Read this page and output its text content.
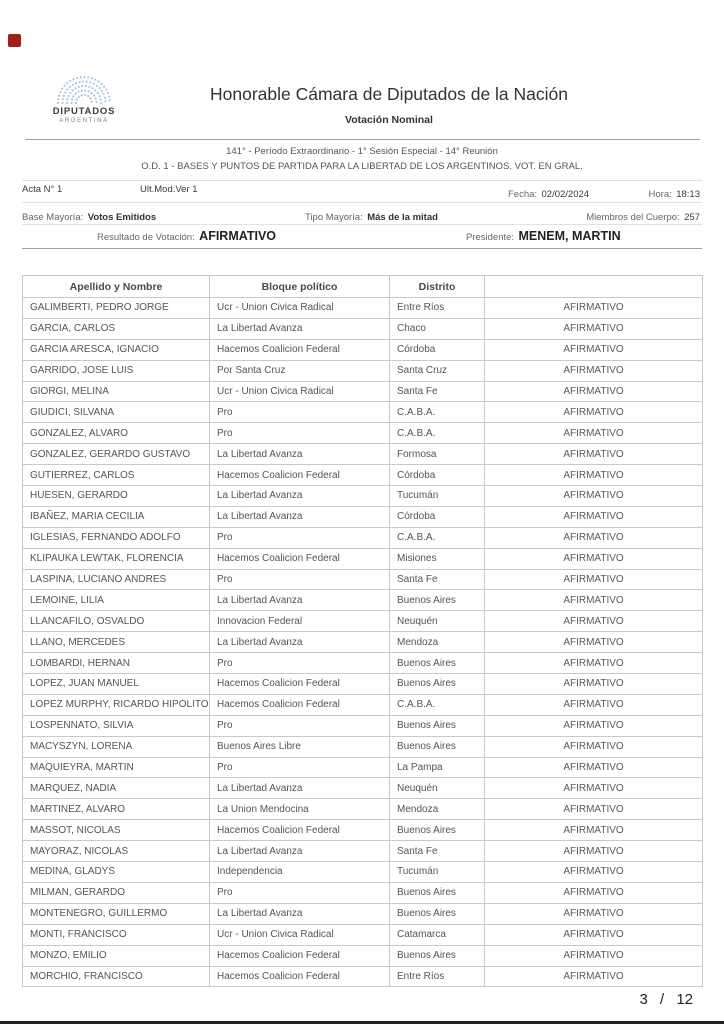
DIPUTADOS
ARGENTINA
Honorable Cámara de Diputados de la Nación
Votación Nominal
141° - Período Extraordinario - 1° Sesión Especial - 14° Reunión
O.D. 1 - BASES Y PUNTOS DE PARTIDA PARA LA LIBERTAD DE LOS ARGENTINOS. VOT. EN GRAL.
Acta N° 1	Ult.Mod.Ver 1	Fecha: 02/02/2024	Hora: 18:13
Base Mayoría: Votos Emitidos	Tipo Mayoría: Más de la mitad	Miembros del Cuerpo: 257
Resultado de Votación: AFIRMATIVO	Presidente: MENEM, MARTIN
Apellido y Nombre	Bloque político	Distrito	
GALIMBERTI, PEDRO JORGE	Ucr - Union Civica Radical	Entre Ríos	AFIRMATIVO
GARCIA, CARLOS	La Libertad Avanza	Chaco	AFIRMATIVO
GARCIA ARESCA, IGNACIO	Hacemos Coalicion Federal	Córdoba	AFIRMATIVO
GARRIDO, JOSE LUIS	Por Santa Cruz	Santa Cruz	AFIRMATIVO
GIORGI, MELINA	Ucr - Union Civica Radical	Santa Fe	AFIRMATIVO
GIUDICI, SILVANA	Pro	C.A.B.A.	AFIRMATIVO
GONZALEZ, ALVARO	Pro	C.A.B.A.	AFIRMATIVO
GONZALEZ, GERARDO GUSTAVO	La Libertad Avanza	Formosa	AFIRMATIVO
GUTIERREZ, CARLOS	Hacemos Coalicion Federal	Córdoba	AFIRMATIVO
HUESEN, GERARDO	La Libertad Avanza	Tucumán	AFIRMATIVO
IBAÑEZ, MARIA CECILIA	La Libertad Avanza	Córdoba	AFIRMATIVO
IGLESIAS, FERNANDO ADOLFO	Pro	C.A.B.A.	AFIRMATIVO
KLIPAUKA LEWTAK, FLORENCIA	Hacemos Coalicion Federal	Misiones	AFIRMATIVO
LASPINA, LUCIANO ANDRES	Pro	Santa Fe	AFIRMATIVO
LEMOINE, LILIA	La Libertad Avanza	Buenos Aires	AFIRMATIVO
LLANCAFILO, OSVALDO	Innovacion Federal	Neuquén	AFIRMATIVO
LLANO, MERCEDES	La Libertad Avanza	Mendoza	AFIRMATIVO
LOMBARDI, HERNAN	Pro	Buenos Aires	AFIRMATIVO
LOPEZ, JUAN MANUEL	Hacemos Coalicion Federal	Buenos Aires	AFIRMATIVO
LOPEZ MURPHY, RICARDO HIPOLITO	Hacemos Coalicion Federal	C.A.B.A.	AFIRMATIVO
LOSPENNATO, SILVIA	Pro	Buenos Aires	AFIRMATIVO
MACYSZYN, LORENA	Buenos Aires Libre	Buenos Aires	AFIRMATIVO
MAQUIEYRA, MARTIN	Pro	La Pampa	AFIRMATIVO
MARQUEZ, NADIA	La Libertad Avanza	Neuquén	AFIRMATIVO
MARTINEZ, ALVARO	La Union Mendocina	Mendoza	AFIRMATIVO
MASSOT, NICOLAS	Hacemos Coalicion Federal	Buenos Aires	AFIRMATIVO
MAYORAZ, NICOLAS	La Libertad Avanza	Santa Fe	AFIRMATIVO
MEDINA, GLADYS	Independencia	Tucumán	AFIRMATIVO
MILMAN, GERARDO	Pro	Buenos Aires	AFIRMATIVO
MONTENEGRO, GUILLERMO	La Libertad Avanza	Buenos Aires	AFIRMATIVO
MONTI, FRANCISCO	Ucr - Union Civica Radical	Catamarca	AFIRMATIVO
MONZO, EMILIO	Hacemos Coalicion Federal	Buenos Aires	AFIRMATIVO
MORCHIO, FRANCISCO	Hacemos Coalicion Federal	Entre Ríos	AFIRMATIVO
3 / 12
